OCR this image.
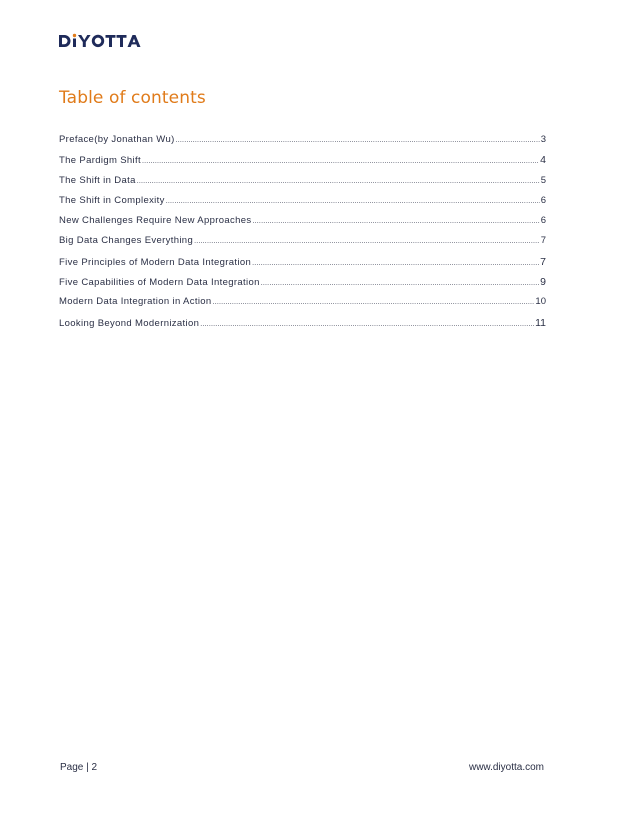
Table of contents
Preface(by Jonathan Wu) .....	3
The Pardigm Shift .....	4
The Shift in Data .....	5
The Shift in Complexity .....	6
New Challenges Require New Approaches .....	6
Big Data Changes Everything .....	7
Five Principles of Modern Data Integration .....	7
Five Capabilities of Modern Data Integration .....	9
Modern Data Integration in Action .....	10
Looking Beyond Modernization .....	11
Page | 2	www.diyotta.com
